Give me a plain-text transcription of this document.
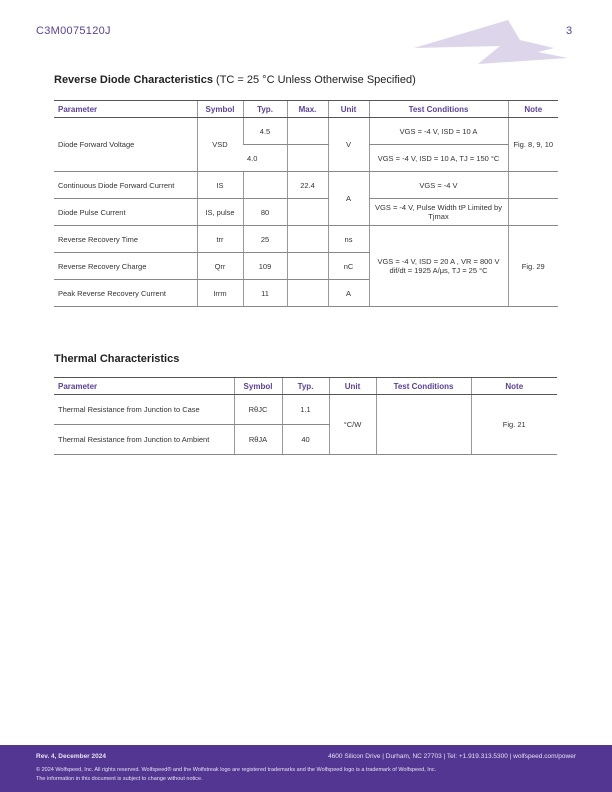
C3M0075120J	3
Reverse Diode Characteristics (TC = 25 °C Unless Otherwise Specified)
Parameter	Symbol	Typ.	Max.	Unit	Test Conditions	Note
Diode Forward Voltage	VSD	4.5		V	VGS = -4 V, ISD = 10 A	Fig. 8, 9, 10
		4.0			VGS = -4 V, ISD = 10 A, TJ = 150 °C	
Continuous Diode Forward Current	IS		22.4	A	VGS = -4 V	
Diode Pulse Current	IS, pulse	80			VGS = -4 V, Pulse Width tP Limited by Tjmax	
Reverse Recovery Time	trr	25		ns	VGS = -4 V, ISD = 20 A , VR = 800 V dif/dt = 1925 A/μs, TJ = 25 °C	Fig. 29
Reverse Recovery Charge	Qrr	109		nC		
Peak Reverse Recovery Current	Irrm	11		A		
Thermal Characteristics
Parameter	Symbol	Typ.	Unit	Test Conditions	Note
Thermal Resistance from Junction to Case	RθJC	1.1	°C/W		Fig. 21
Thermal Resistance from Junction to Ambient	RθJA	40			
Rev. 4, December 2024	4600 Silicon Drive | Durham, NC 27703 | Tel: +1.919.313.5300 | wolfspeed.com/power
© 2024 Wolfspeed, Inc. All rights reserved. Wolfspeed® and the Wolfstreak logo are registered trademarks and the Wolfspeed logo is a trademark of Wolfspeed, Inc.
The information in this document is subject to change without notice.
